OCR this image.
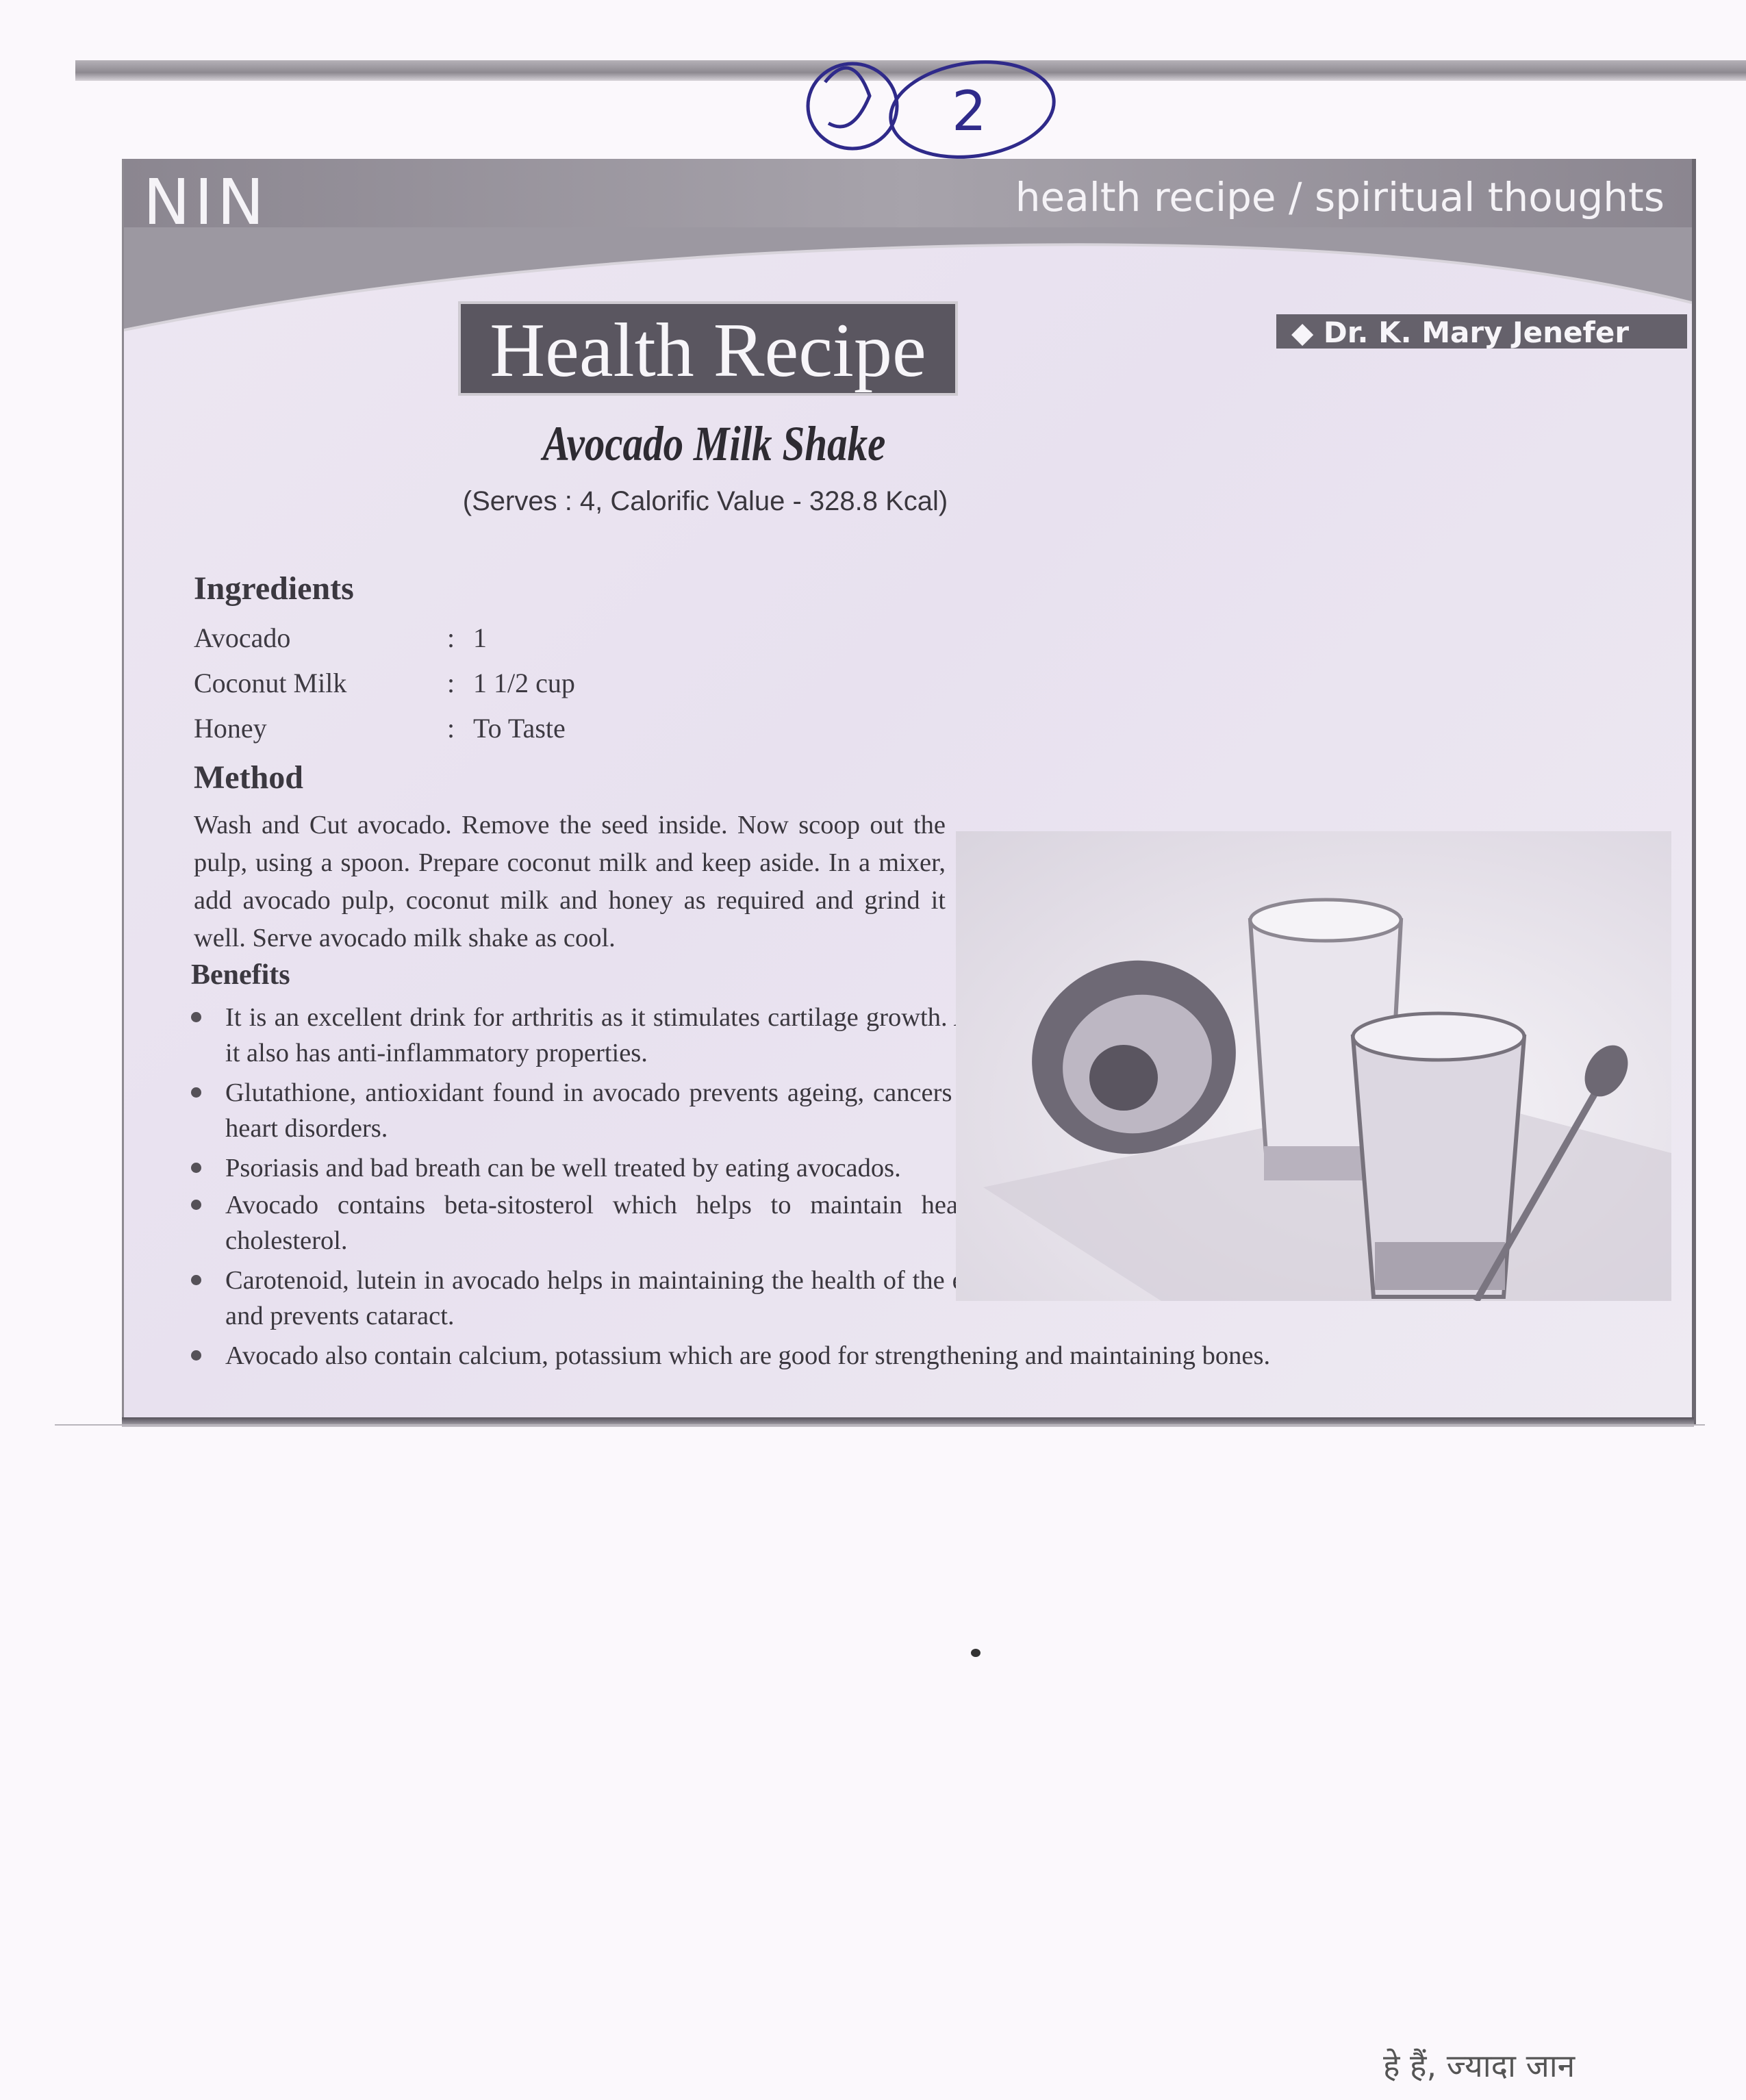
2
NIN	health recipe / spiritual thoughts
Health Recipe	◆ Dr. K. Mary Jenefer
Avocado Milk Shake
(Serves : 4, Calorific Value - 328.8 Kcal)
Ingredients
Avocado	: 1
Coconut Milk	: 1 1/2 cup
Honey	: To Taste
Method
Wash and Cut avocado. Remove the seed inside. Now scoop out the pulp, using a spoon. Prepare coconut milk and keep aside. In a mixer, add avocado pulp, coconut milk and honey as required and grind it well. Serve avocado milk shake as cool.
Benefits
It is an excellent drink for arthritis as it stimulates cartilage growth. And it also has anti-inflammatory properties.
Glutathione, antioxidant found in avocado prevents ageing, cancers and heart disorders.
Psoriasis and bad breath can be well treated by eating avocados.
Avocado contains beta-sitosterol which helps to maintain healthy cholesterol.
Carotenoid, lutein in avocado helps in maintaining the health of the eyes and prevents cataract.
Avocado also contain calcium, potassium which are good for strengthening and maintaining bones.
हे हैं, ज्यादा जान
